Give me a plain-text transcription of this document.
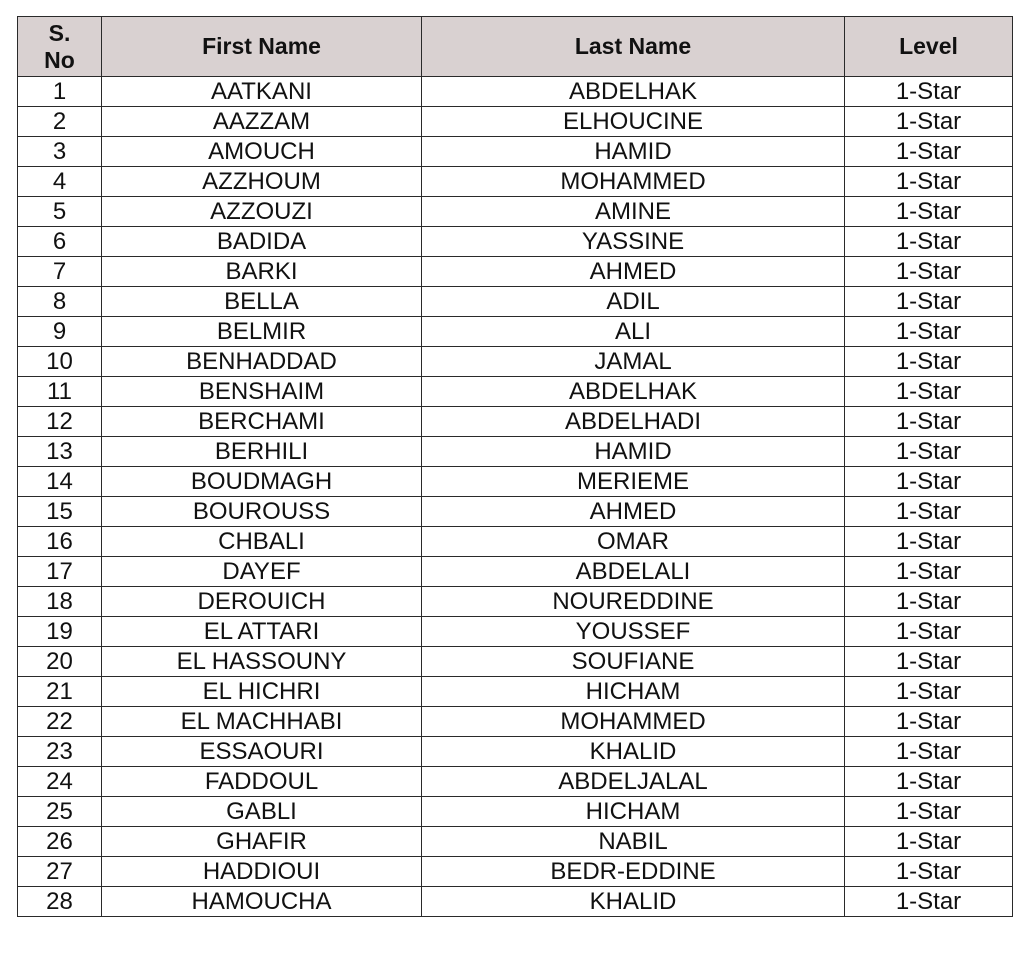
S.
No	First Name	Last Name	Level
1	AATKANI	ABDELHAK	1-Star
2	AAZZAM	ELHOUCINE	1-Star
3	AMOUCH	HAMID	1-Star
4	AZZHOUM	MOHAMMED	1-Star
5	AZZOUZI	AMINE	1-Star
6	BADIDA	YASSINE	1-Star
7	BARKI	AHMED	1-Star
8	BELLA	ADIL	1-Star
9	BELMIR	ALI	1-Star
10	BENHADDAD	JAMAL	1-Star
11	BENSHAIM	ABDELHAK	1-Star
12	BERCHAMI	ABDELHADI	1-Star
13	BERHILI	HAMID	1-Star
14	BOUDMAGH	MERIEME	1-Star
15	BOUROUSS	AHMED	1-Star
16	CHBALI	OMAR	1-Star
17	DAYEF	ABDELALI	1-Star
18	DEROUICH	NOUREDDINE	1-Star
19	EL ATTARI	YOUSSEF	1-Star
20	EL HASSOUNY	SOUFIANE	1-Star
21	EL HICHRI	HICHAM	1-Star
22	EL MACHHABI	MOHAMMED	1-Star
23	ESSAOURI	KHALID	1-Star
24	FADDOUL	ABDELJALAL	1-Star
25	GABLI	HICHAM	1-Star
26	GHAFIR	NABIL	1-Star
27	HADDIOUI	BEDR-EDDINE	1-Star
28	HAMOUCHA	KHALID	1-Star
